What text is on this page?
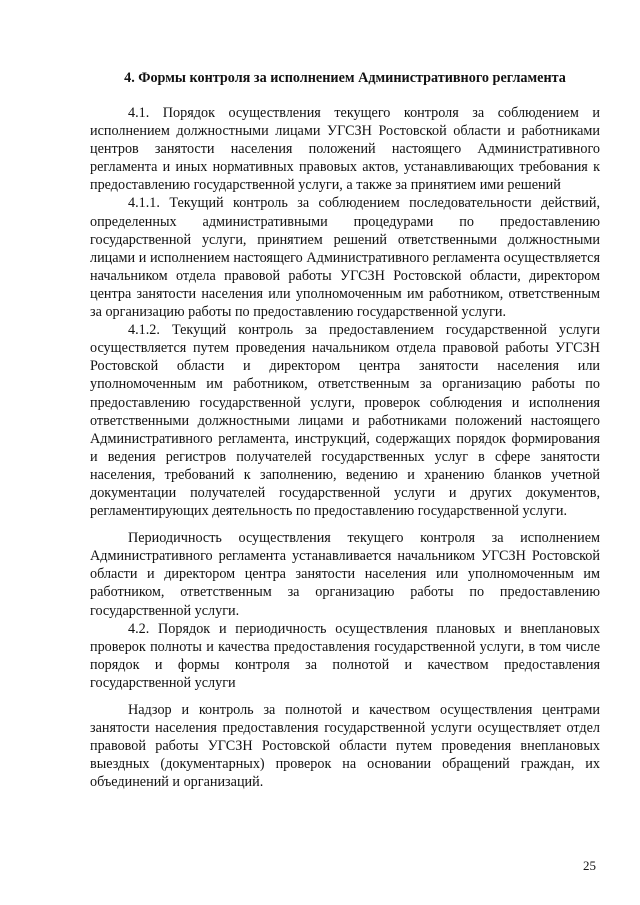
4. Формы контроля за исполнением Административного регламента

4.1. Порядок осуществления текущего контроля за соблюдением и исполнением должностными лицами УГСЗН Ростовской области и работниками центров занятости населения положений настоящего Административного регламента и иных нормативных правовых актов, устанавливающих требования к предоставлению государственной услуги, а также за принятием ими решений

4.1.1. Текущий контроль за соблюдением последовательности действий, определенных административными процедурами по предоставлению государственной услуги, принятием решений ответственными должностными лицами и исполнением настоящего Административного регламента осуществляется начальником отдела правовой работы УГСЗН Ростовской области, директором центра занятости населения или уполномоченным им работником, ответственным за организацию работы по предоставлению государственной услуги.

4.1.2. Текущий контроль за предоставлением государственной услуги осуществляется путем проведения начальником отдела правовой работы УГСЗН Ростовской области и директором центра занятости населения или уполномоченным им работником, ответственным за организацию работы по предоставлению государственной услуги, проверок соблюдения и исполнения ответственными должностными лицами и работниками положений настоящего Административного регламента, инструкций, содержащих порядок формирования и ведения регистров получателей государственных услуг в сфере занятости населения, требований к заполнению, ведению и хранению бланков учетной документации получателей государственной услуги и других документов, регламентирующих деятельность по предоставлению государственной услуги.

Периодичность осуществления текущего контроля за исполнением Административного регламента устанавливается начальником УГСЗН Ростовской области и директором центра занятости населения или уполномоченным им работником, ответственным за организацию работы по предоставлению государственной услуги.

4.2. Порядок и периодичность осуществления плановых и внеплановых проверок полноты и качества предоставления государственной услуги, в том числе порядок и формы контроля за полнотой и качеством предоставления государственной услуги

Надзор и контроль за полнотой и качеством осуществления центрами занятости населения предоставления государственной услуги осуществляет отдел правовой работы УГСЗН Ростовской области путем проведения внеплановых выездных (документарных) проверок на основании обращений граждан, их объединений и организаций.

25
